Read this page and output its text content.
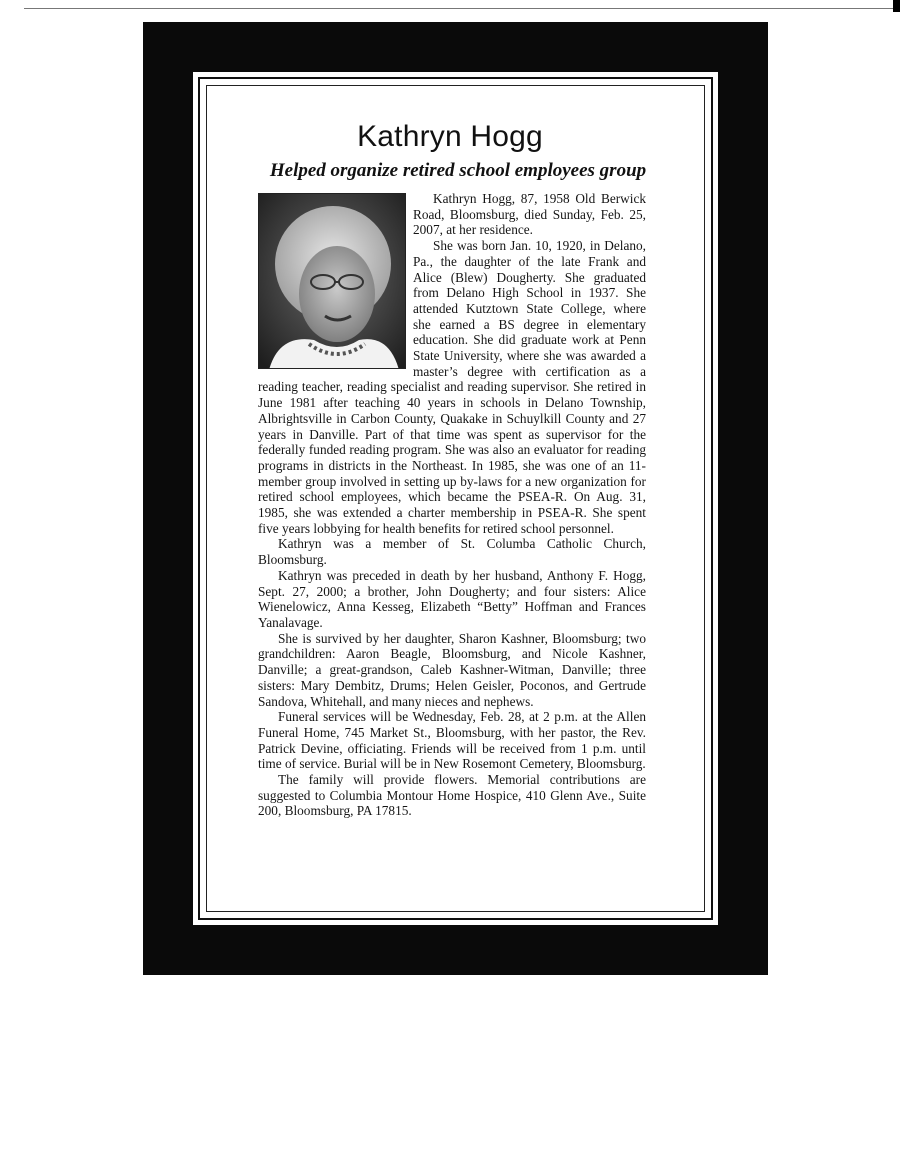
Kathryn Hogg
Helped organize retired school employees group

Kathryn Hogg, 87, 1958 Old Berwick Road, Bloomsburg, died Sunday, Feb. 25, 2007, at her residence.

She was born Jan. 10, 1920, in Delano, Pa., the daughter of the late Frank and Alice (Blew) Dougherty. She graduated from Delano High School in 1937. She attended Kutztown State College, where she earned a BS degree in elementary education. She did graduate work at Penn State University, where she was awarded a master’s degree with certification as a reading teacher, reading specialist and reading supervisor. She retired in June 1981 after teaching 40 years in schools in Delano Township, Albrightsville in Carbon County, Quakake in Schuylkill County and 27 years in Danville. Part of that time was spent as supervisor for the federally funded reading program. She was also an evaluator for reading programs in districts in the Northeast. In 1985, she was one of an 11-member group involved in setting up by-laws for a new organization for retired school employees, which became the PSEA-R. On Aug. 31, 1985, she was extended a charter membership in PSEA-R. She spent five years lobbying for health benefits for retired school personnel.

Kathryn was a member of St. Columba Catholic Church, Bloomsburg.

Kathryn was preceded in death by her husband, Anthony F. Hogg, Sept. 27, 2000; a brother, John Dougherty; and four sisters: Alice Wienelowicz, Anna Kesseg, Elizabeth “Betty” Hoffman and Frances Yanalavage.

She is survived by her daughter, Sharon Kashner, Bloomsburg; two grandchildren: Aaron Beagle, Bloomsburg, and Nicole Kashner, Danville; a great-grandson, Caleb Kashner-Witman, Danville; three sisters: Mary Dembitz, Drums; Helen Geisler, Poconos, and Gertrude Sandova, Whitehall, and many nieces and nephews.

Funeral services will be Wednesday, Feb. 28, at 2 p.m. at the Allen Funeral Home, 745 Market St., Bloomsburg, with her pastor, the Rev. Patrick Devine, officiating. Friends will be received from 1 p.m. until time of service. Burial will be in New Rosemont Cemetery, Bloomsburg.

The family will provide flowers. Memorial contributions are suggested to Columbia Montour Home Hospice, 410 Glenn Ave., Suite 200, Bloomsburg, PA 17815.
